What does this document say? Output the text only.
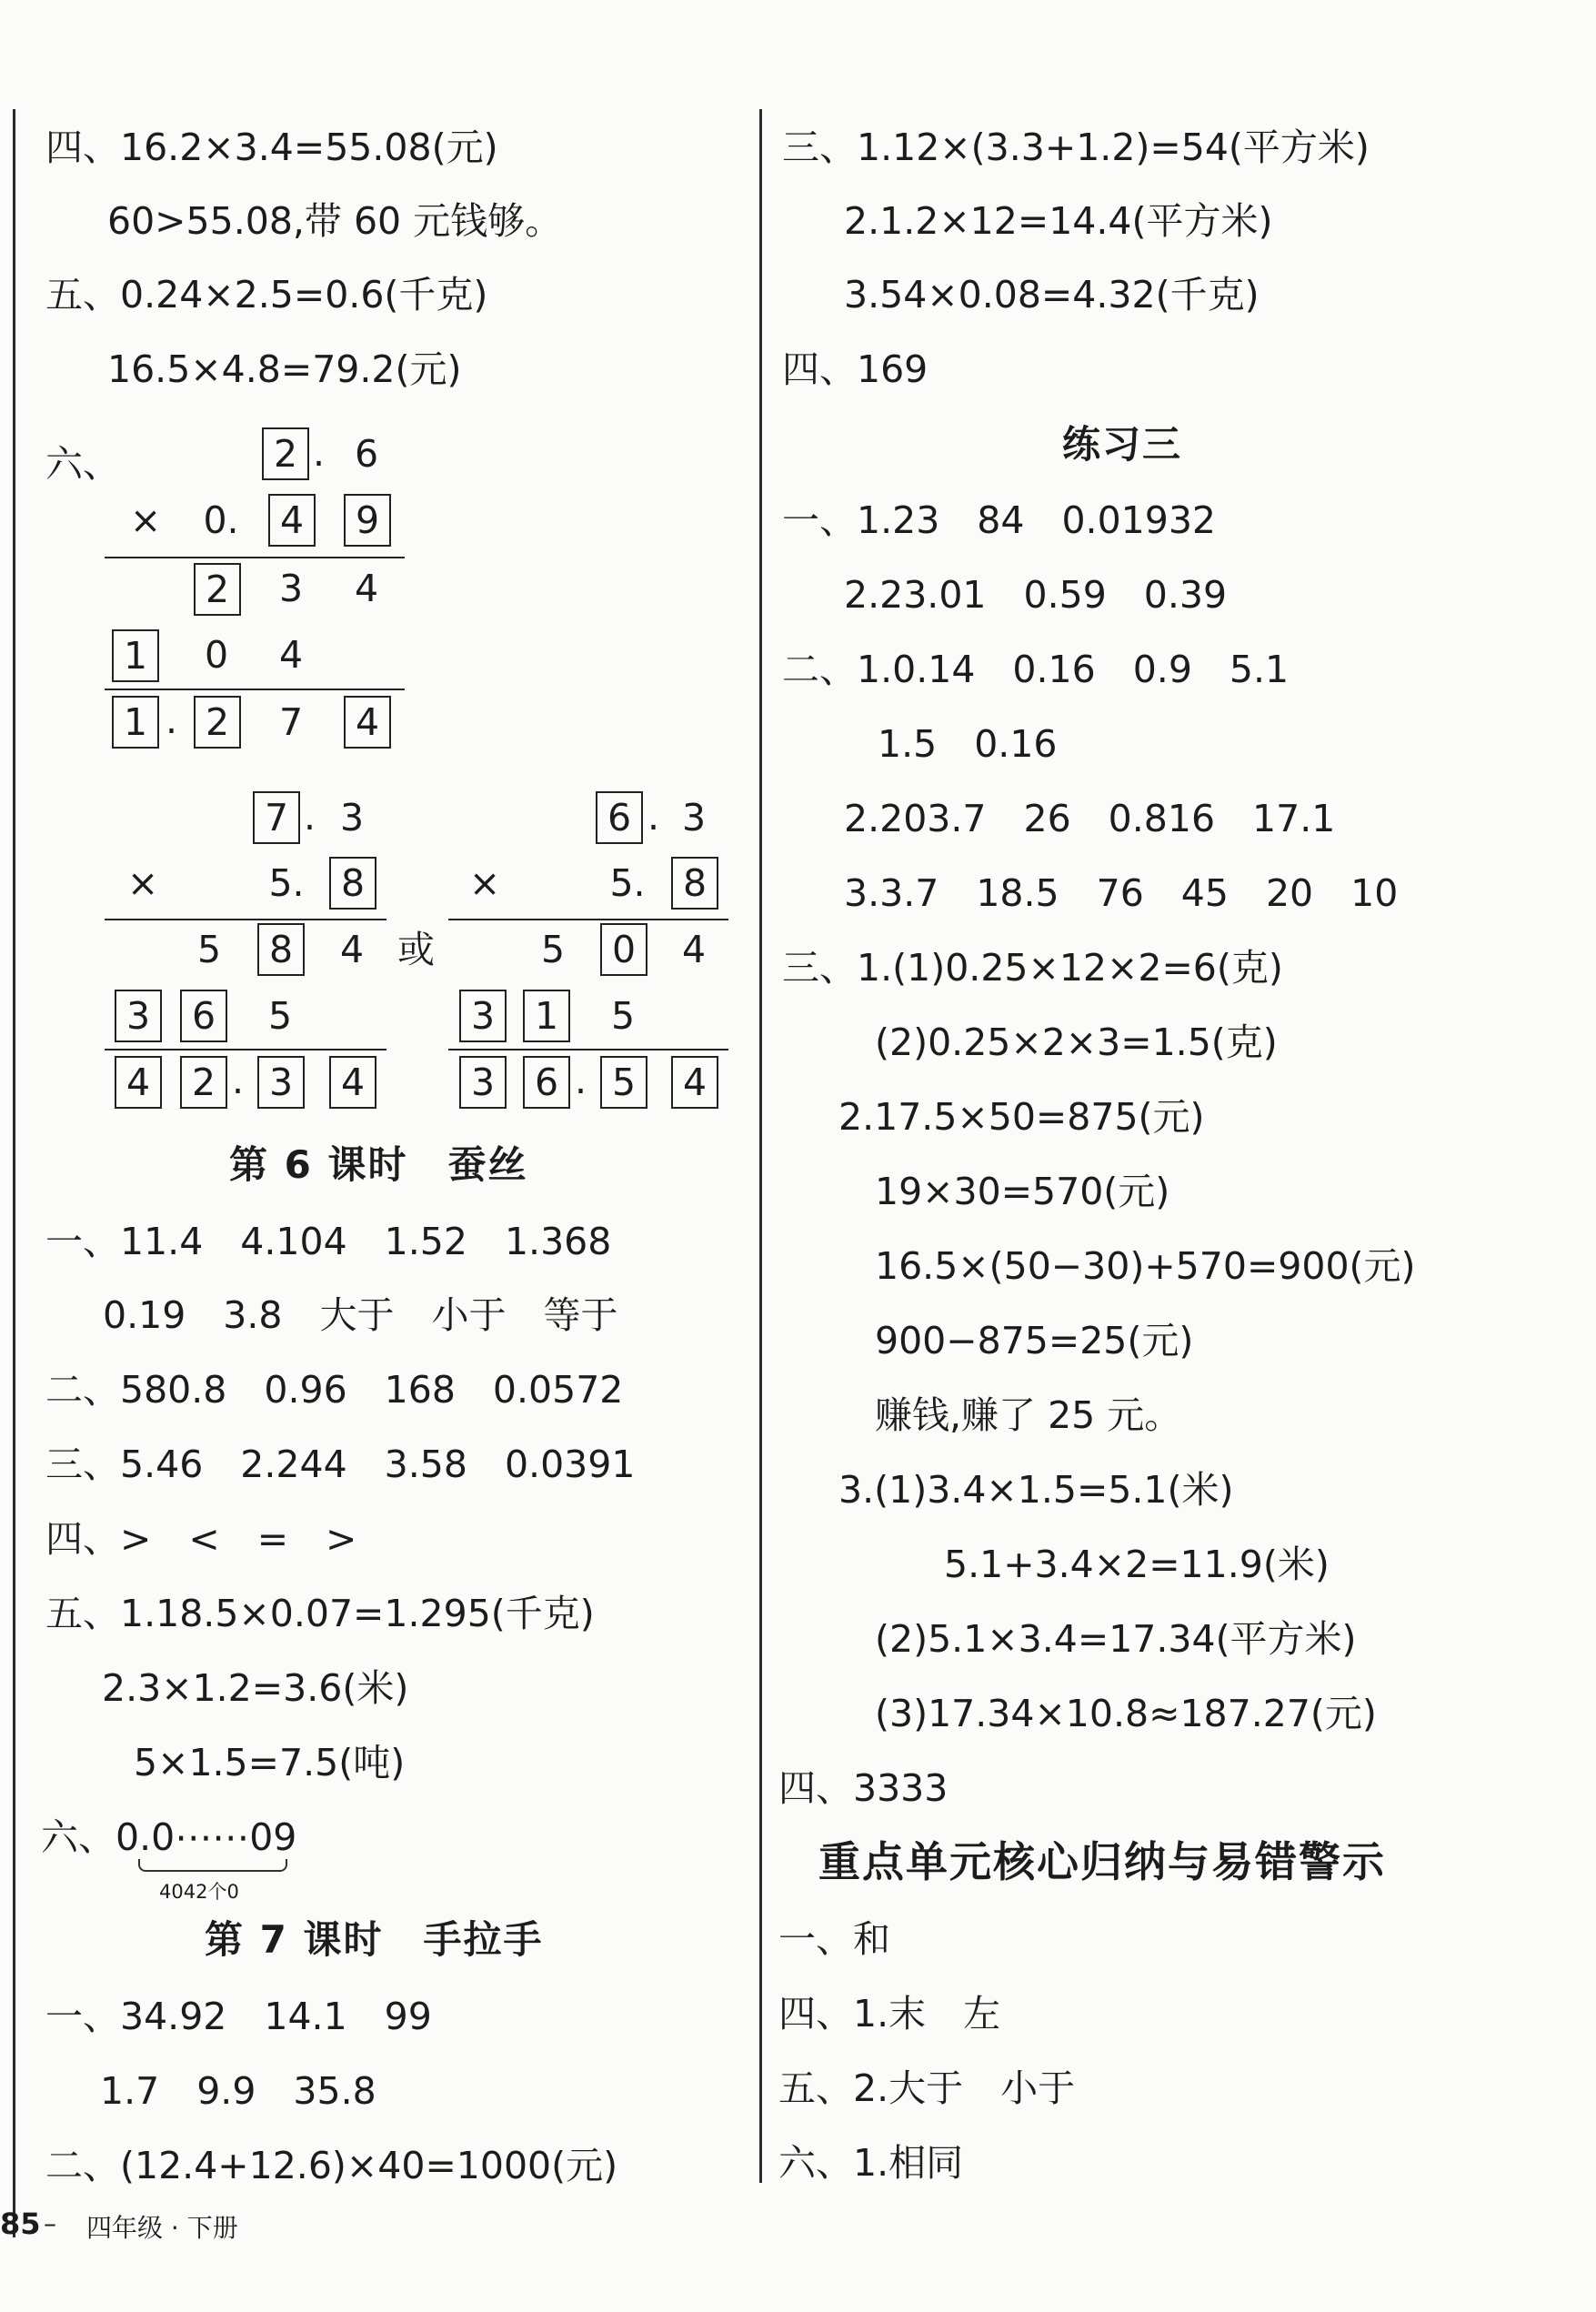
四、16.2×3.4=55.08(元)
60>55.08,带 60 元钱够。
五、0.24×2.5=0.6(千克)
16.5×4.8=79.2(元)
六、	2 . 6
× 0.	4	9
2	3 4
1	0 4
1 . 2	7	4
7 . 3
×	5. 8
5	8	4
3	6	5
4	2 . 3	4
或
6 . 3
×	5.	8
5	0	4
3	1	5
3	6 . 5	4
第 6 课时　蚕丝
一、11.4　4.104　1.52　1.368
0.19　3.8　大于　小于　等于
二、580.8　0.96　168　0.0572
三、5.46　2.244　3.58　0.0391
四、>　<　=　>
五、1.18.5×0.07=1.295(千克)
2.3×1.2=3.6(米)
5×1.5=7.5(吨)
六、0.0⋯⋯09
4042个0
第 7 课时　手拉手
一、34.92　14.1　99
1.7　9.9　35.8
二、(12.4+12.6)×40=1000(元)
三、1.12×(3.3+1.2)=54(平方米)
2.1.2×12=14.4(平方米)
3.54×0.08=4.32(千克)
四、169
练习三
一、1.23　84　0.01932
2.23.01　0.59　0.39
二、1.0.14　0.16　0.9　5.1
1.5　0.16
2.203.7　26　0.816　17.1
3.3.7　18.5　76　45　20　10
三、1.(1)0.25×12×2=6(克)
(2)0.25×2×3=1.5(克)
2.17.5×50=875(元)
19×30=570(元)
16.5×(50−30)+570=900(元)
900−875=25(元)
赚钱,赚了 25 元。
3.(1)3.4×1.5=5.1(米)
5.1+3.4×2=11.9(米)
(2)5.1×3.4=17.34(平方米)
(3)17.34×10.8≈187.27(元)
四、3333
重点单元核心归纳与易错警示
一、和
四、1.末　左
五、2.大于　小于
六、1.相同
85 – 四年级 · 下册
